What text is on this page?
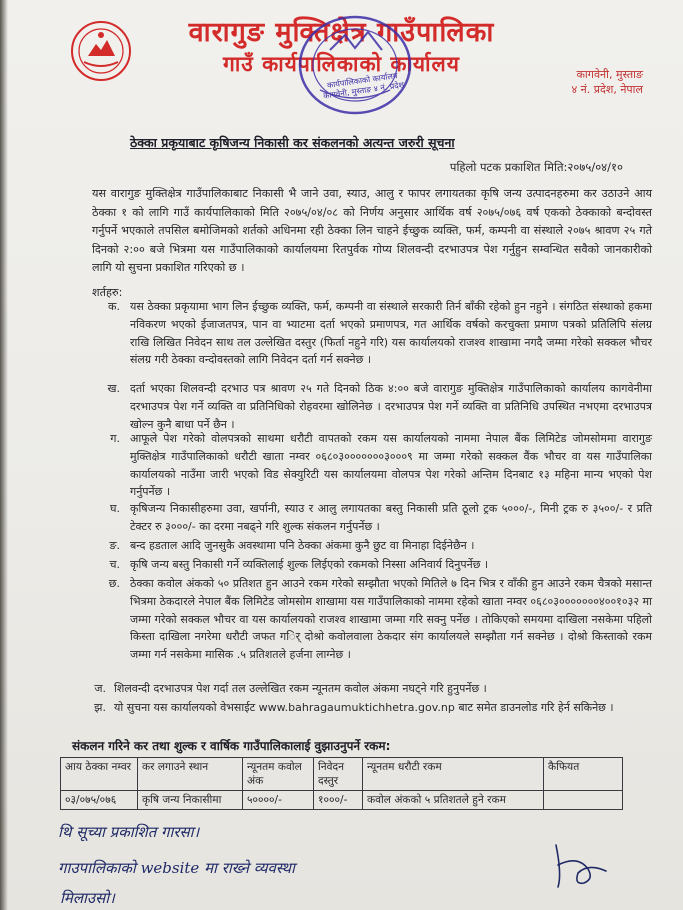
वारागुङ मुक्तिक्षेत्र गाउँपालिका
गाउँ कार्यपालिकाको कार्यालय	कागवेनी, मुस्ताङ
४ नं. प्रदेश, नेपाल
कार्यपालिकाको कार्यालय कागवेनी, मुस्ताङ ४ नं. प्रदेश
ठेक्का प्रकृयाबाट कृषिजन्य निकासी कर संकलनको अत्यन्त जरुरी सूचना
पहिलो पटक प्रकाशित मिति:२०७५/०४/१०
यस वारागुङ मुक्तिक्षेत्र गाउँपालिकाबाट निकासी भै जाने उवा, स्याउ, आलु र फापर लगायतका कृषि जन्य उत्पादनहरुमा कर उठाउने आय ठेक्का १ को लागि गाउँ कार्यपालिकाको मिति २०७५/०४/०८ को निर्णय अनुसार आर्थिक वर्ष २०७५/०७६ वर्ष एकको ठेक्काको बन्दोवस्त गर्नुपर्ने भएकाले तपसिल बमोजिमको शर्तको अधिनमा रही ठेक्का लिन चाहने ईच्छुक व्यक्ति, फर्म, कम्पनी वा संस्थाले २०७५ श्रावण २५ गते दिनको २:०० बजे भित्रमा यस गाउँपालिकाको कार्यालयमा रितपुर्वक गोप्य शिलवन्दी दरभाउपत्र पेश गर्नुहुन सम्वन्धित सवैको जानकारीको लागि यो सुचना प्रकाशित गरिएको छ ।
शर्तहरु:
क. यस ठेक्का प्रकृयामा भाग लिन ईच्छुक व्यक्ति, फर्म, कम्पनी वा संस्थाले सरकारी तिर्न बाँकी रहेको हुन नहुने । संगठित संस्थाको हकमा नविकरण भएको ईजाजतपत्र, पान वा भ्याटमा दर्ता भएको प्रमाणपत्र, गत आर्थिक वर्षको करचुक्ता प्रमाण पत्रको प्रतिलिपि संलग्र राखि लिखित निवेदन साथ तल उल्लेखित दस्तुर (फिर्ता नहुने गरि) यस कार्यालयको राजश्व शाखामा नगदै जम्मा गरेको सक्कल भौचर संलग्र गरी ठेक्का वन्दोवस्तको लागि निवेदन दर्ता गर्न सक्नेछ ।
ख. दर्ता भएका शिलवन्दी दरभाउ पत्र श्रावण २५ गते दिनको ठिक ४:०० बजे वारागुङ मुक्तिक्षेत्र गाउँपालिकाको कार्यालय कागवेनीमा दरभाउपत्र पेश गर्ने व्यक्ति वा प्रतिनिधिको रोहवरमा खोलिनेछ । दरभाउपत्र पेश गर्ने व्यक्ति वा प्रतिनिधि उपस्थित नभएमा दरभाउपत्र खोल्न कुनै बाधा पर्ने छैन ।
ग. आफूले पेश गरेको वोलपत्रको साथमा धरौटी वापतको रकम यस कार्यालयको नाममा नेपाल बैंक लिमिटेड जोमसोममा वारागुङ मुक्तिक्षेत्र गाउँपालिकाको धरौटी खाता नम्वर ०६८०३०००००००३०००९ मा जम्मा गरेको सक्कल वैंक भौचर वा यस गाउँपालिका कार्यालयको नाउँमा जारी भएको विड सेक्युरिटी यस कार्यालयमा वोलपत्र पेश गरेको अन्तिम दिनबाट १३ महिना मान्य भएको पेश गर्नुपर्नेछ ।
घ. कृषिजन्य निकासीहरुमा उवा, खर्पानी, स्याउ र आलु लगायतका बस्तु निकासी प्रति ठूलो ट्रक ५०००/-, मिनी ट्रक रु ३५००/- र प्रति टेक्टर रु ३०००/- का दरमा नबढ्ने गरि शुल्क संकलन गर्नुपर्नेछ ।
ङ. बन्द हडताल आदि जुनसुकै अवस्थामा पनि ठेक्का अंकमा कुनै छुट वा मिनाहा दिईनेछैन ।
च. कृषि जन्य बस्तु निकासी गर्ने व्यक्तिलाई शुल्क लिईएको रकमको निस्सा अनिवार्य दिनुपर्नेछ ।
छ. ठेक्का कवोल अंकको ५० प्रतिशत हुन आउने रकम गरेको सम्झौता भएको मितिले ७ दिन भित्र र वाँकी हुन आउने रकम चैत्रको मसान्त भित्रमा ठेकदारले नेपाल बैंक लिमिटेड जोमसोम शाखामा यस गाउँपालिकाको नाममा रहेको खाता नम्वर ०६८०३०००००००४००१०३२ मा जम्मा गरेको सक्कल भौचर वा यस कार्यालयको राजश्व शाखामा जम्मा गरि सक्नु पर्नेछ । तोकिएको समयमा दाखिला नसकेमा पहिलो किस्ता दाखिला नगरेमा धरौटी जफत गर्ि दोश्रो कवोलवाला ठेकदार संग कार्यालयले सम्झौता गर्न सक्नेछ । दोश्रो किस्ताको रकम जम्मा गर्न नसकेमा मासिक .५ प्रतिशतले हर्जना लाग्नेछ ।
ज. शिलवन्दी दरभाउपत्र पेश गर्दा तल उल्लेखित रकम न्यूनतम कवोल अंकमा नघट्ने गरि हुनुपर्नेछ ।
झ. यो सुचना यस कार्यालयको वेभसाईट www.bahragaumuktichhetra.gov.np बाट समेत डाउनलोड गरि हेर्न सकिनेछ ।
संकलन गरिने कर तथा शुल्क र वार्षिक गाउँपालिकालाई वुझाउनुपर्ने रकम:
आय ठेक्का नम्वर	कर लगाउने स्थान	न्यूनतम कवोल अंक	निवेदन दस्तुर	न्यूनतम धरौटी रकम	कैफियत
०३/०७५/०७६	कृषि जन्य निकासीमा	५००००/-	१०००/-	कवोल अंकको ५ प्रतिशतले हुने रकम	
थि सूच्या प्रकाशित गारसा।
गाउपालिकाको website मा राख्ने व्यवस्था
मिलाउसो।
